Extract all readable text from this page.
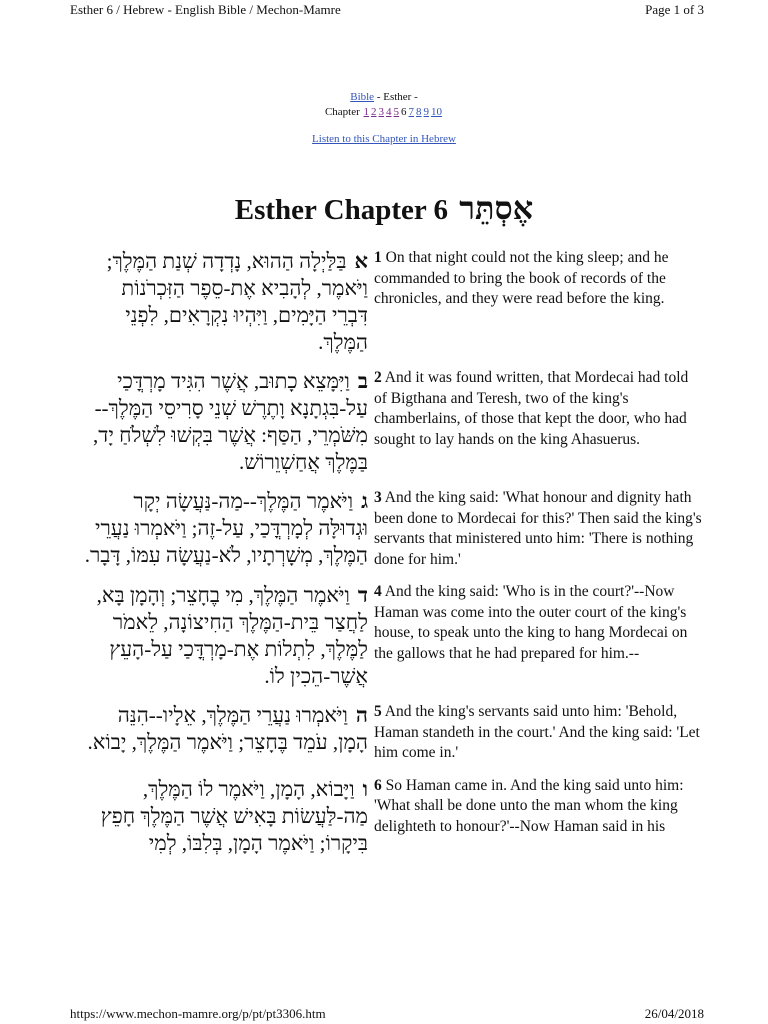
Esther 6 / Hebrew - English Bible / Mechon-Mamre	Page 1 of 3
Bible - Esther -
Chapter 1 2 3 4 5 6 7 8 9 10
Listen to this Chapter in Hebrew
Esther Chapter 6 אֶסְתֵּר
אבַּלַּיְלָה הַהוּא, נָדְדָה שְׁנַת הַמֶּלֶךְ; וַיֹּאמֶר, לְהָבִיא אֶת-סֵפֶר הַזִּכְרֹנוֹת דִּבְרֵי הַיָּמִים, וַיִּהְיוּ נִקְרָאִים, לִפְנֵי הַמֶּלֶךְ.
1 On that night could not the king sleep; and he commanded to bring the book of records of the chronicles, and they were read before the king.
בוַיִּמָּצֵא כָתוּב, אֲשֶׁר הִגִּיד מָרְדֳּכַי עַל-בִּגְתָנָא וָתֶרֶשׁ שְׁנֵי סָרִיסֵי הַמֶּלֶךְ--מִשֹּׁמְרֵי, הַסַּף: אֲשֶׁר בִּקְשׁוּ לִשְׁלֹחַ יָד, בַּמֶּלֶךְ אֲחַשְׁוֵרוֹשׁ.
2 And it was found written, that Mordecai had told of Bigthana and Teresh, two of the king's chamberlains, of those that kept the door, who had sought to lay hands on the king Ahasuerus.
גוַיֹּאמֶר הַמֶּלֶךְ--מַה-נַּעֲשָׂה יְקָר וּגְדוּלָּה לְמָרְדֳּכַי, עַל-זֶה; וַיֹּאמְרוּ נַעֲרֵי הַמֶּלֶךְ, מְשָׁרְתָיו, לֹא-נַעֲשָׂה עִמּוֹ, דָּבָר.
3 And the king said: 'What honour and dignity hath been done to Mordecai for this?' Then said the king's servants that ministered unto him: 'There is nothing done for him.'
דוַיֹּאמֶר הַמֶּלֶךְ, מִי בֶחָצֵר; וְהָמָן בָּא, לַחֲצַר בֵּית-הַמֶּלֶךְ הַחִיצוֹנָה, לֵאמֹר לַמֶּלֶךְ, לִתְלוֹת אֶת-מָרְדֳּכַי עַל-הָעֵץ אֲשֶׁר-הֵכִין לוֹ.
4 And the king said: 'Who is in the court?'--Now Haman was come into the outer court of the king's house, to speak unto the king to hang Mordecai on the gallows that he had prepared for him.--
הוַיֹּאמְרוּ נַעֲרֵי הַמֶּלֶךְ, אֵלָיו--הִנֵּה הָמָן, עֹמֵד בֶּחָצֵר; וַיֹּאמֶר הַמֶּלֶךְ, יָבוֹא.
5 And the king's servants said unto him: 'Behold, Haman standeth in the court.' And the king said: 'Let him come in.'
ווַיָּבוֹא, הָמָן, וַיֹּאמֶר לוֹ הַמֶּלֶךְ, מַה-לַּעֲשׂוֹת בָּאִישׁ אֲשֶׁר הַמֶּלֶךְ חָפֵץ בִּיקָרוֹ; וַיֹּאמֶר הָמָן, בְּלִבּוֹ, לְמִי
6 So Haman came in. And the king said unto him: 'What shall be done unto the man whom the king delighteth to honour?'--Now Haman said in his
https://www.mechon-mamre.org/p/pt/pt3306.htm	26/04/2018
